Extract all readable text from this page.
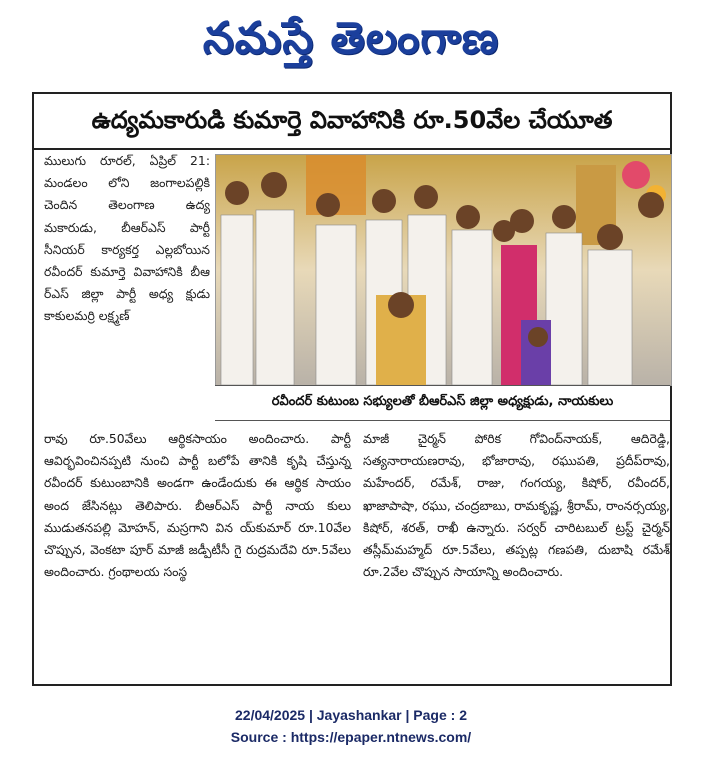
నమస్తే తెలంగాణ
ఉద్యమకారుడి కుమార్తె వివాహానికి రూ.50వేల చేయూత
ములుగు రూరల్, ఏప్రిల్ 21: మండలం లోని జంగాలపల్లికి చెందిన తెలంగాణ ఉద్య మకారుడు, బీఆర్ఎస్ పార్టీ సీనియర్ కార్యకర్త ఎల్లబోయిన రవీందర్ కుమార్తె వివాహానికి బీఆ ర్ఎస్ జిల్లా పార్టీ అధ్య క్షుడు కాకులమర్రి లక్ష్మణ్
రవీందర్ కుటుంబ సభ్యులతో బీఆర్ఎస్ జిల్లా అధ్యక్షుడు, నాయకులు
రావు రూ.50వేలు ఆర్థికసాయం అందించారు. పార్టీ ఆవిర్భవించినప్పటి నుంచి పార్టీ బలోపే తానికి కృషి చేస్తున్న రవీందర్ కుటుంబానికి అండగా ఉండేందుకు ఈ ఆర్థిక సాయం అంద జేసినట్లు తెలిపారు. బీఆర్ఎస్ పార్టీ నాయ కులు ముడుతనపల్లి మోహన్, మస్రగాని విన య్‌కుమార్ రూ.10వేల చొప్పున, వెంకటా పూర్ మాజీ జడ్పీటీసీ గై రుద్రమదేవి రూ.5వేలు అందించారు. గ్రంథాలయ సంస్థ
మాజీ చైర్మన్ పోరిక గోవింద్‌నాయక్, ఆదిరెడ్డి, సత్యనారాయణరావు, భోజారావు, రఘుపతి, ప్రదీప్‌రావు, మహేందర్, రమేశ్, రాజు, గంగయ్య, కిషోర్, రవీందర్, ఖాజాపాషా, రఘు, చంద్రబాబు, రామకృష్ణ, శ్రీరామ్, రాంనర్సయ్య, కిషోర్, శరత్, రాఖీ ఉన్నారు. సర్వర్ చారిటబుల్ ట్రస్ట్ చైర్మన్ తస్లీమ్‌మహ్మద్ రూ.5వేలు, తప్పట్ల గణపతి, దుబాషి రమేశ్ రూ.2వేల చొప్పున సాయాన్ని అందించారు.
22/04/2025 | Jayashankar | Page : 2
Source : https://epaper.ntnews.com/
